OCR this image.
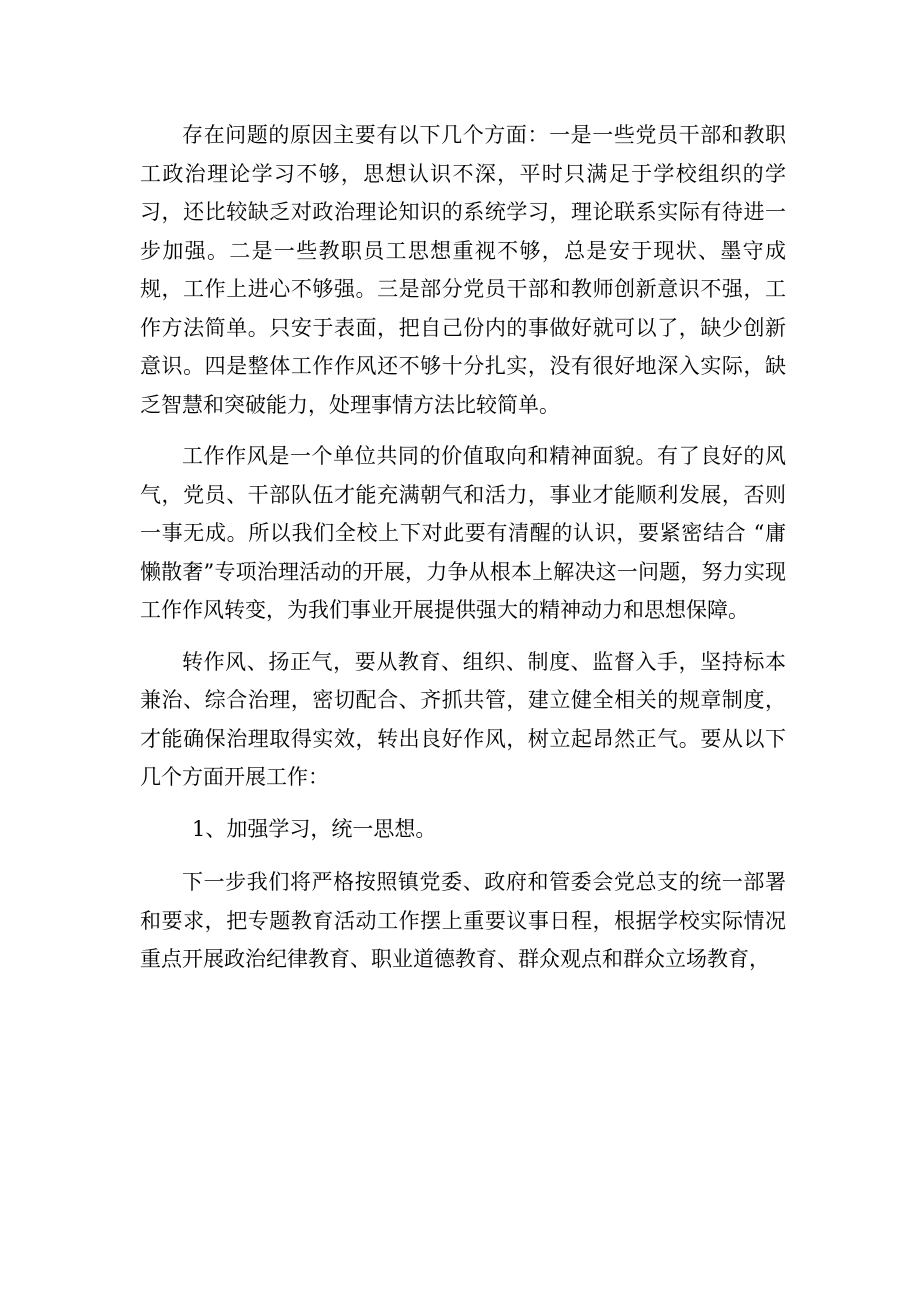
存在问题的原因主要有以下几个方面：一是一些党员干部和教职工政治理论学习不够，思想认识不深，平时只满足于学校组织的学习，还比较缺乏对政治理论知识的系统学习，理论联系实际有待进一步加强。二是一些教职员工思想重视不够，总是安于现状、墨守成规，工作上进心不够强。三是部分党员干部和教师创新意识不强，工作方法简单。只安于表面，把自己份内的事做好就可以了，缺少创新意识。四是整体工作作风还不够十分扎实，没有很好地深入实际，缺乏智慧和突破能力，处理事情方法比较简单。

工作作风是一个单位共同的价值取向和精神面貌。有了良好的风气，党员、干部队伍才能充满朝气和活力，事业才能顺利发展，否则一事无成。所以我们全校上下对此要有清醒的认识，要紧密结合 “庸懒散奢”专项治理活动的开展，力争从根本上解决这一问题，努力实现工作作风转变，为我们事业开展提供强大的精神动力和思想保障。

转作风、扬正气，要从教育、组织、制度、监督入手，坚持标本兼治、综合治理，密切配合、齐抓共管，建立健全相关的规章制度，才能确保治理取得实效，转出良好作风，树立起昂然正气。要从以下几个方面开展工作：

1、加强学习，统一思想。

下一步我们将严格按照镇党委、政府和管委会党总支的统一部署和要求，把专题教育活动工作摆上重要议事日程，根据学校实际情况重点开展政治纪律教育、职业道德教育、群众观点和群众立场教育，
